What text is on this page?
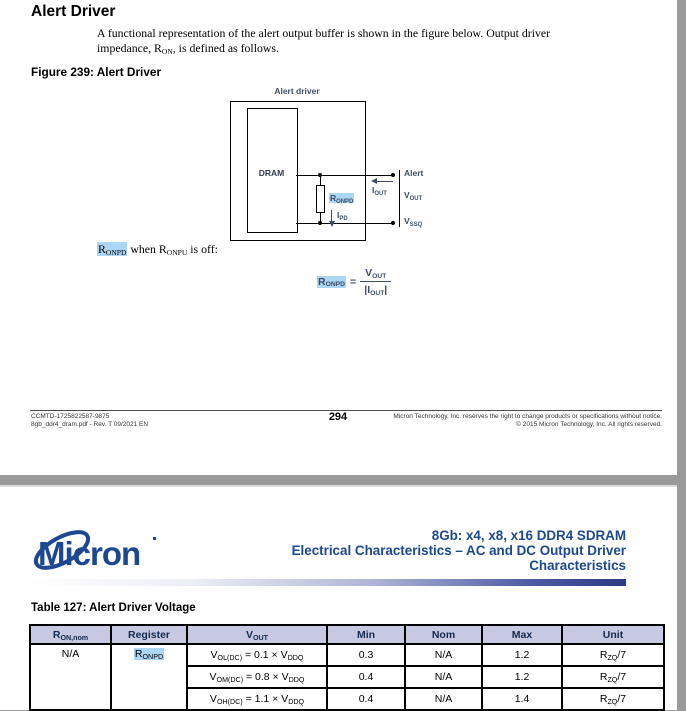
Alert Driver
A functional representation of the alert output buffer is shown in the figure below. Output driver
impedance, RON, is defined as follows.
Figure 239: Alert Driver
Alert driver
DRAM
$R_{ONPD}$
$I_{PD}$
$I_{OUT}$
Alert
$V_{OUT}$
$V_{SSQ}$
RONPD when RONPU is off:
RONPD = $\frac{\text{VOUT}}{\text{|IOUT|}}$
CCMTD-1725822587-9875
8gb_ddr4_dram.pdf - Rev. T 09/2021 EN
294	Micron Technology, Inc. reserves the right to change products or specifications without notice.
© 2015 Micron Technology, Inc. All rights reserved.
Micron	8Gb: x4, x8, x16 DDR4 SDRAM
Electrical Characteristics – AC and DC Output Driver
Characteristics
Table 127: Alert Driver Voltage
$R_{ON,nom}$	Register	$V_{OUT}$	Min	Nom	Max	Unit
N/A	$R_{ONPD}$	$V_{OL(DC)} = 0.1 \times V_{DDQ}$	0.3	N/A	1.2	$R_{ZQ}/7$
		$V_{OM(DC)} = 0.8 \times V_{DDQ}$	0.4	N/A	1.2	$R_{ZQ}/7$
		$V_{OH(DC)} = 1.1 \times V_{DDQ}$	0.4	N/A	1.4	$R_{ZQ}/7$
